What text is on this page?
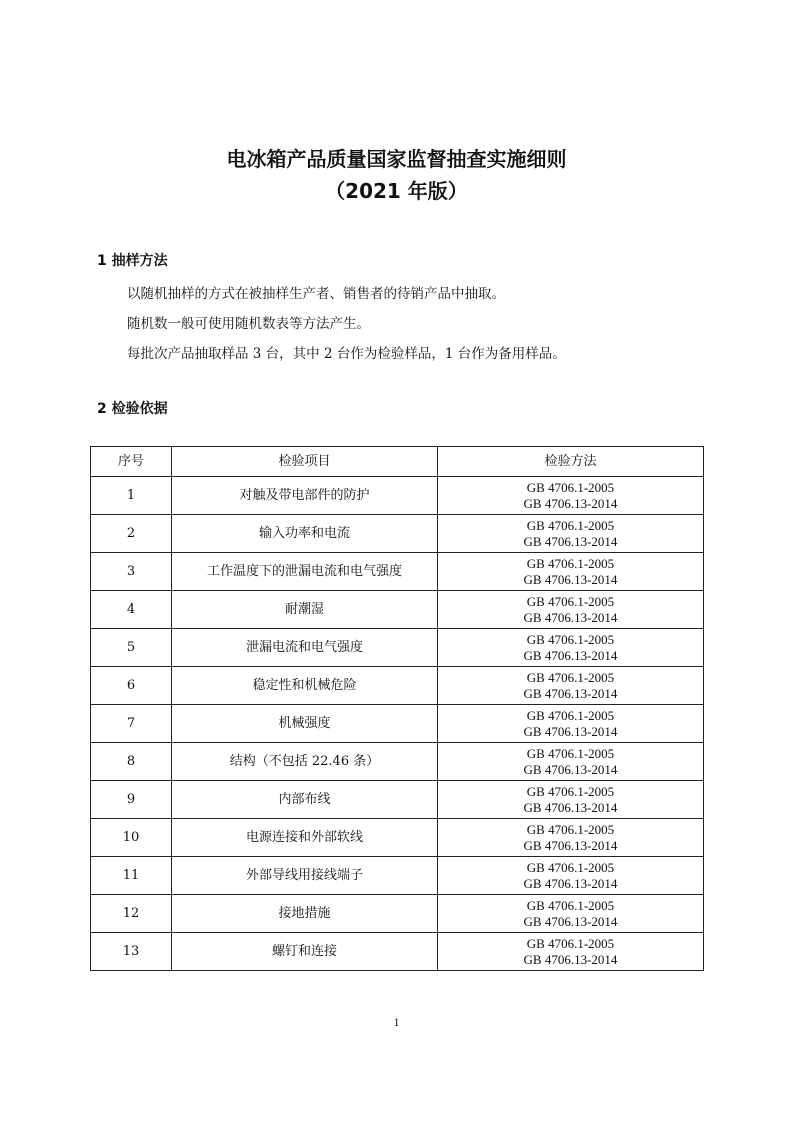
电冰箱产品质量国家监督抽查实施细则
（2021 年版）
1 抽样方法
以随机抽样的方式在被抽样生产者、销售者的待销产品中抽取。
随机数一般可使用随机数表等方法产生。
每批次产品抽取样品 3 台，其中 2 台作为检验样品，1 台作为备用样品。
2 检验依据
序号	检验项目	检验方法
1	对触及带电部件的防护	GB 4706.1-2005
GB 4706.13-2014

2	输入功率和电流	GB 4706.1-2005
GB 4706.13-2014

3	工作温度下的泄漏电流和电气强度	GB 4706.1-2005
GB 4706.13-2014

4	耐潮湿	GB 4706.1-2005
GB 4706.13-2014

5	泄漏电流和电气强度	GB 4706.1-2005
GB 4706.13-2014

6	稳定性和机械危险	GB 4706.1-2005
GB 4706.13-2014

7	机械强度	GB 4706.1-2005
GB 4706.13-2014

8	结构（不包括 22.46 条）	GB 4706.1-2005
GB 4706.13-2014

9	内部布线	GB 4706.1-2005
GB 4706.13-2014

10	电源连接和外部软线	GB 4706.1-2005
GB 4706.13-2014

11	外部导线用接线端子	GB 4706.1-2005
GB 4706.13-2014

12	接地措施	GB 4706.1-2005
GB 4706.13-2014

13	螺钉和连接	GB 4706.1-2005
GB 4706.13-2014
1
